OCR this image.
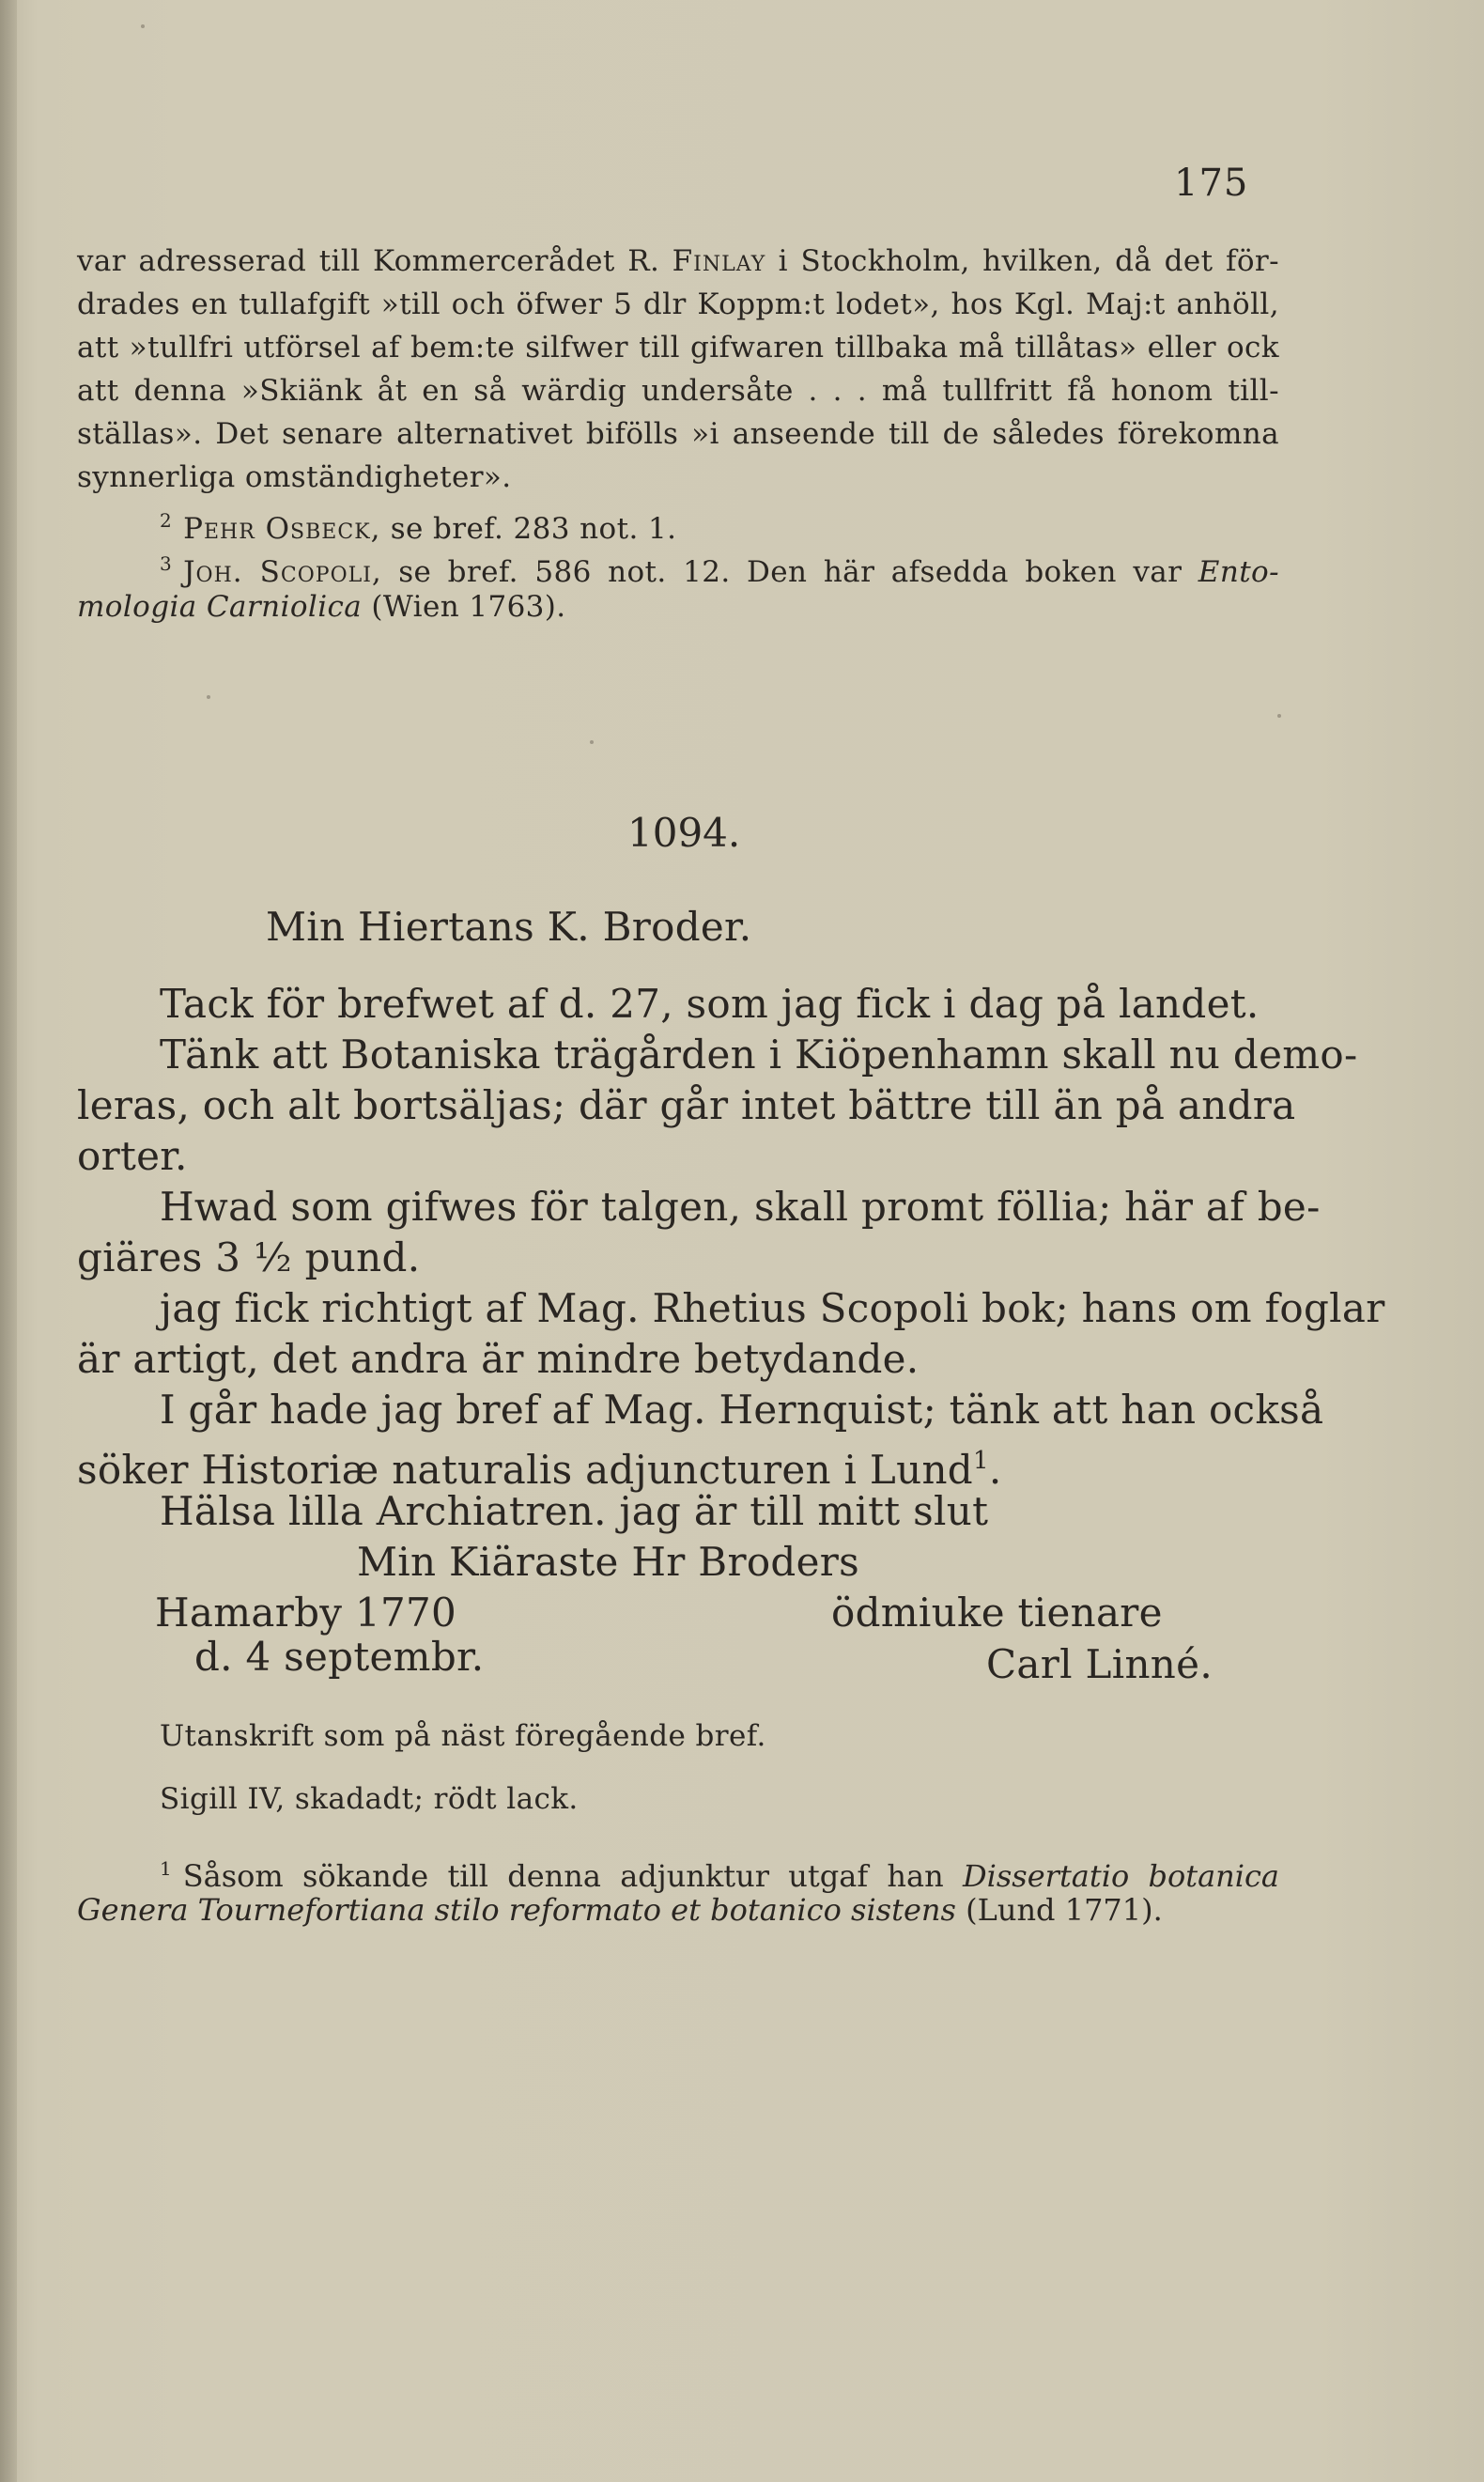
175
var adresserad till Kommercerådet R. Finlay i Stockholm, hvilken, då det för-
drades en tullafgift »till och öfwer 5 dlr Koppm:t lodet», hos Kgl. Maj:t anhöll,
att »tullfri utförsel af bem:te silfwer till gifwaren tillbaka må tillåtas» eller ock
att denna »Skiänk åt en så wärdig undersåte . . . må tullfritt få honom till-
ställas». Det senare alternativet bifölls »i anseende till de således förekomna
synnerliga omständigheter».
$^2$ Pehr Osbeck, se bref. 283 not. 1.
$^3$ Joh. Scopoli, se bref. 586 not. 12. Den här afsedda boken var Ento-
mologia Carniolica (Wien 1763).
1094.
Min Hiertans K. Broder.
Tack för brefwet af d. 27, som jag fick i dag på landet.
Tänk att Botaniska trägården i Kiöpenhamn skall nu demo-
leras, och alt bortsäljas; där går intet bättre till än på andra
orter.
Hwad som gifwes för talgen, skall promt föllia; här af be-
giäres 3 ½ pund.
jag fick richtigt af Mag. Rhetius Scopoli bok; hans om foglar
är artigt, det andra är mindre betydande.
I går hade jag bref af Mag. Hernquist; tänk att han också
söker Historiæ naturalis adjuncturen i Lund$^1$.
Hälsa lilla Archiatren. jag är till mitt slut
Min Kiäraste Hr Broders
Hamarby 1770	ödmiuke tienare
d. 4 septembr.	Carl Linné.
Utanskrift som på näst föregående bref.
Sigill IV, skadadt; rödt lack.
$^1$ Såsom sökande till denna adjunktur utgaf han Dissertatio botanica
Genera Tournefortiana stilo reformato et botanico sistens (Lund 1771).
